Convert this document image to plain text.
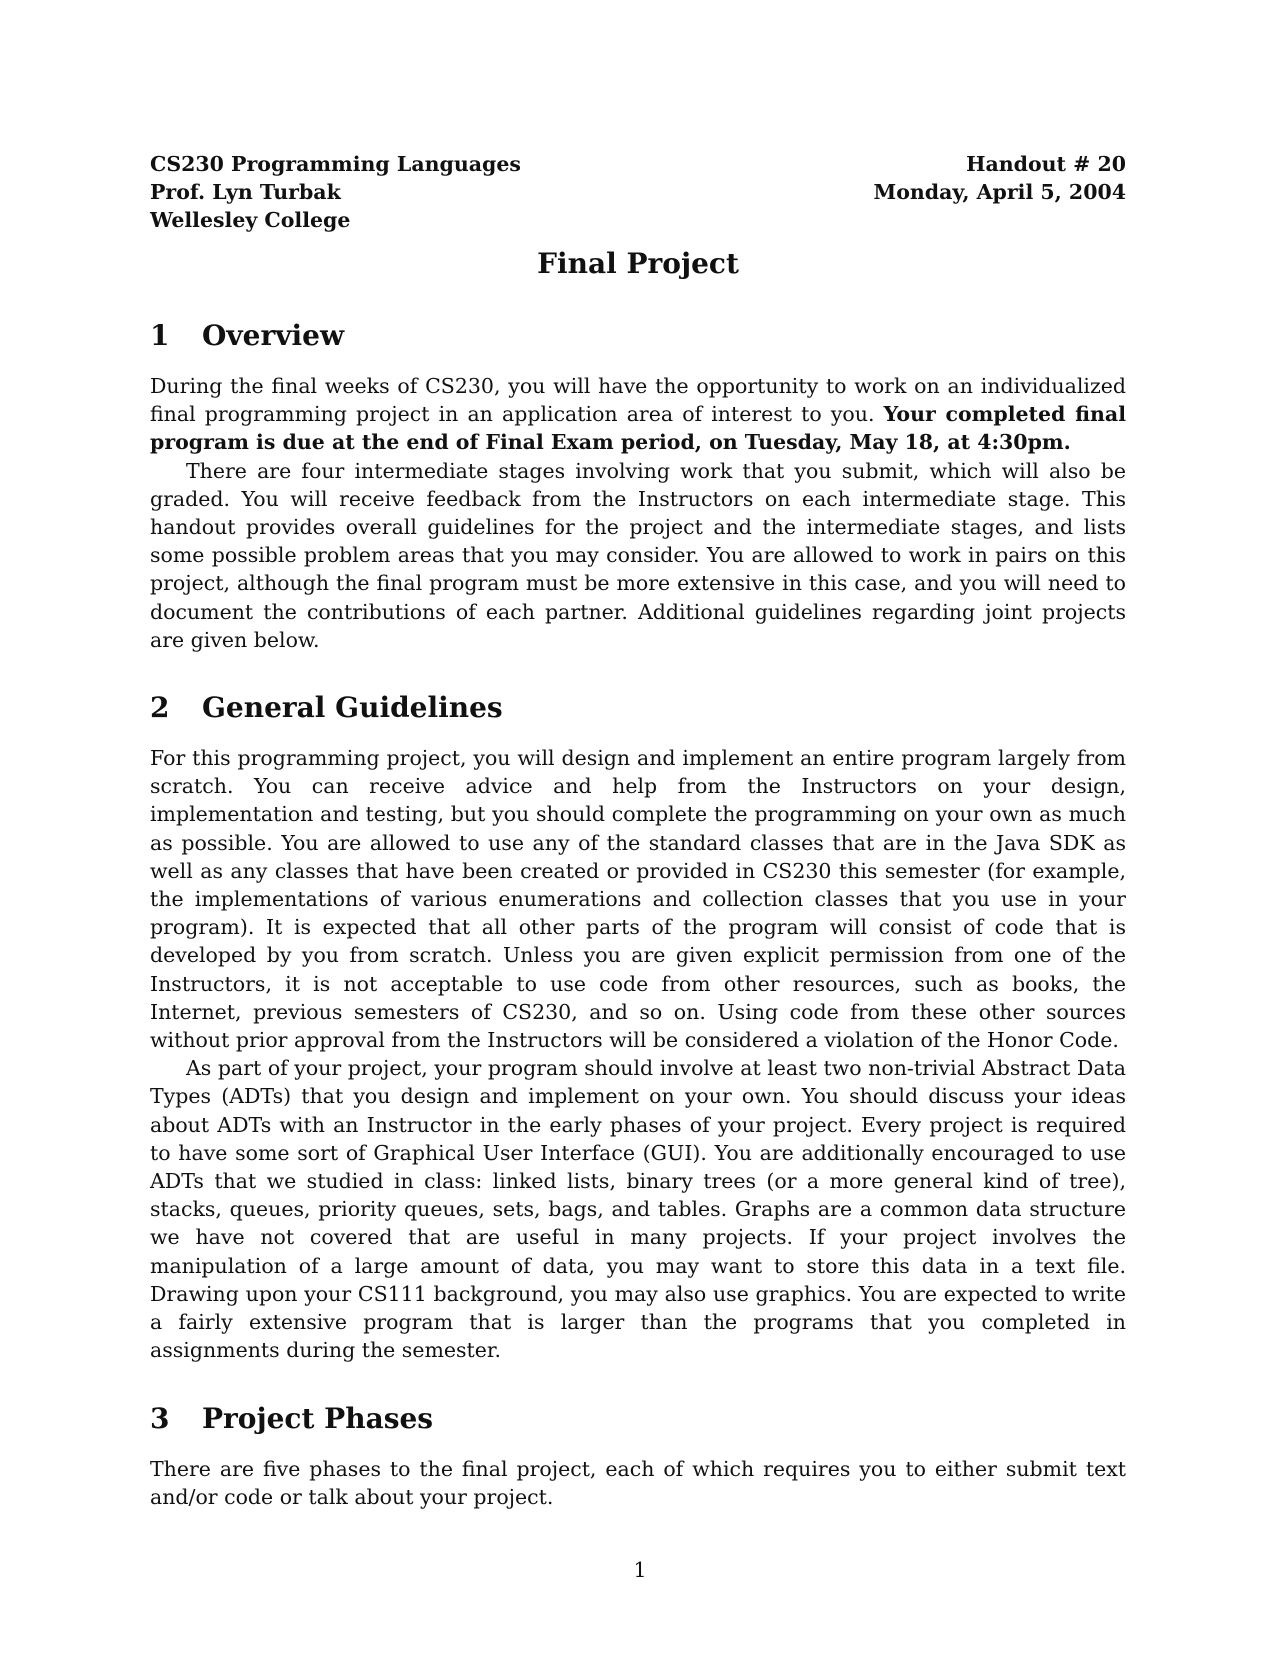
CS230 Programming Languages
Prof. Lyn Turbak
Wellesley College
Handout # 20
Monday, April 5, 2004
Final Project
1	Overview

During the final weeks of CS230, you will have the opportunity to work on an individualized final programming project in an application area of interest to you. Your completed final program is due at the end of Final Exam period, on Tuesday, May 18, at 4:30pm.

There are four intermediate stages involving work that you submit, which will also be graded. You will receive feedback from the Instructors on each intermediate stage. This handout provides overall guidelines for the project and the intermediate stages, and lists some possible problem areas that you may consider. You are allowed to work in pairs on this project, although the final program must be more extensive in this case, and you will need to document the contributions of each partner. Additional guidelines regarding joint projects are given below.

2	General Guidelines

For this programming project, you will design and implement an entire program largely from scratch. You can receive advice and help from the Instructors on your design, implementation and testing, but you should complete the programming on your own as much as possible. You are allowed to use any of the standard classes that are in the Java SDK as well as any classes that have been created or provided in CS230 this semester (for example, the implementations of various enumerations and collection classes that you use in your program). It is expected that all other parts of the program will consist of code that is developed by you from scratch. Unless you are given explicit permission from one of the Instructors, it is not acceptable to use code from other resources, such as books, the Internet, previous semesters of CS230, and so on. Using code from these other sources without prior approval from the Instructors will be considered a violation of the Honor Code.

As part of your project, your program should involve at least two non-trivial Abstract Data Types (ADTs) that you design and implement on your own. You should discuss your ideas about ADTs with an Instructor in the early phases of your project. Every project is required to have some sort of Graphical User Interface (GUI). You are additionally encouraged to use ADTs that we studied in class: linked lists, binary trees (or a more general kind of tree), stacks, queues, priority queues, sets, bags, and tables. Graphs are a common data structure we have not covered that are useful in many projects. If your project involves the manipulation of a large amount of data, you may want to store this data in a text file. Drawing upon your CS111 background, you may also use graphics. You are expected to write a fairly extensive program that is larger than the programs that you completed in assignments during the semester.

3	Project Phases

There are five phases to the final project, each of which requires you to either submit text and/or code or talk about your project.

1
